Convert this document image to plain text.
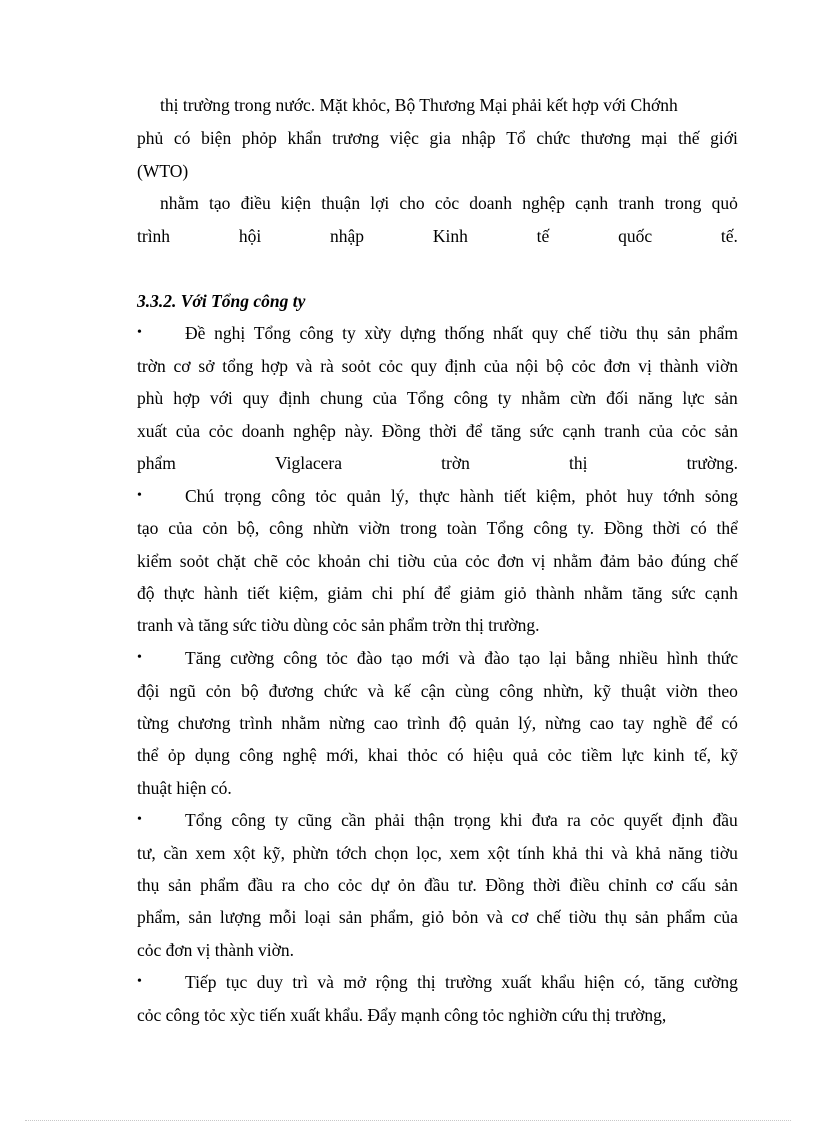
thị trường trong nước. Mặt khỏc, Bộ Thương Mại phải kết hợp với Chớnh
phủ có biện phỏp khẩn trương việc gia nhập Tổ chức thương mại thế giới
(WTO)
nhằm tạo điều kiện thuận lợi cho cỏc doanh nghệp cạnh tranh trong quỏ
trình	hội	nhập	Kinh	tế	quốc	tế.
3.3.2. Với Tổng công ty
• Đề nghị Tổng công ty xừy dựng thống nhất quy chế tiờu thụ sản phẩm
trờn cơ sở tổng hợp và rà soỏt cỏc quy định của nội bộ cỏc đơn vị thành viờn
phù hợp với quy định chung của Tổng công ty nhằm cừn đối năng lực sản
xuất của cỏc doanh nghệp này. Đồng thời để tăng sức cạnh tranh của cỏc sản
phẩm	Viglacera	trờn	thị	trường.
• Chú trọng công tỏc quản lý, thực hành tiết kiệm, phỏt huy tớnh sỏng
tạo của cỏn bộ, công nhừn viờn trong toàn Tổng công ty. Đồng thời có thể
kiểm soỏt chặt chẽ cỏc khoản chi tiờu của cỏc đơn vị nhằm đảm bảo đúng chế
độ thực hành tiết kiệm, giảm chi phí để giảm giỏ thành nhằm tăng sức cạnh
tranh và tăng sức tiờu dùng cỏc sản phẩm trờn thị trường.
• Tăng cường công tỏc đào tạo mới và đào tạo lại bằng nhiều hình thức
đội ngũ cỏn bộ đương chức và kế cận cùng công nhừn, kỹ thuật viờn theo
từng chương trình nhằm nừng cao trình độ quản lý, nừng cao tay nghề để có
thể ỏp dụng công nghệ mới, khai thỏc có hiệu quả cỏc tiềm lực kinh tế, kỹ
thuật hiện có.
• Tổng công ty cũng cần phải thận trọng khi đưa ra cỏc quyết định đầu
tư, cần xem xột kỹ, phừn tớch chọn lọc, xem xột tính khả thi và khả năng tiờu
thụ sản phẩm đầu ra cho cỏc dự ỏn đầu tư. Đồng thời điều chỉnh cơ cấu sản
phẩm, sản lượng mỗi loại sản phẩm, giỏ bỏn và cơ chế tiờu thụ sản phẩm của
cỏc đơn vị thành viờn.
• Tiếp tục duy trì và mở rộng thị trường xuất khẩu hiện có, tăng cường
cỏc công tỏc xỳc tiến xuất khẩu. Đẩy mạnh công tỏc nghiờn cứu thị trường,
